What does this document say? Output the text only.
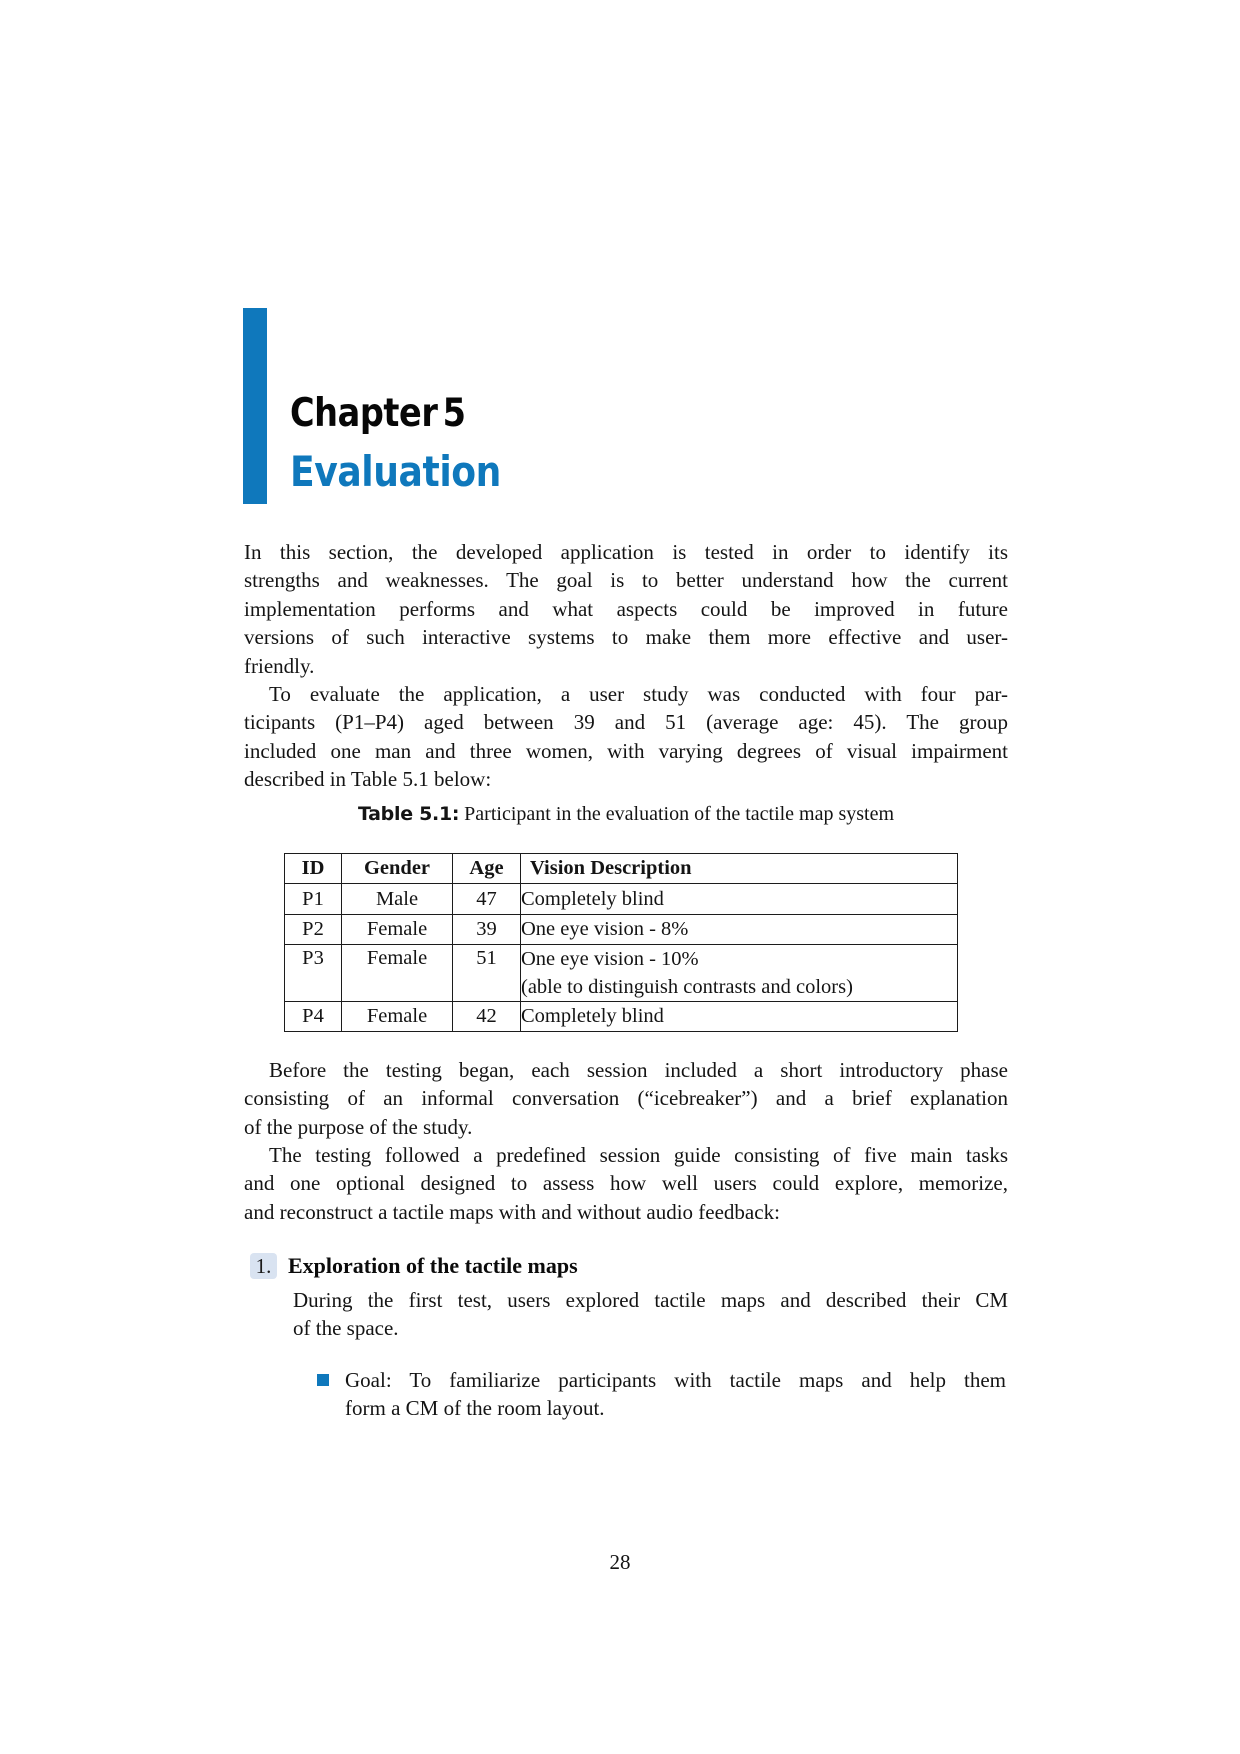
Chapter 5
Evaluation
In this section, the developed application is tested in order to identify its
strengths and weaknesses. The goal is to better understand how the current
implementation performs and what aspects could be improved in future
versions of such interactive systems to make them more effective and user-
friendly.
To evaluate the application, a user study was conducted with four par-
ticipants (P1–P4) aged between 39 and 51 (average age: 45). The group
included one man and three women, with varying degrees of visual impairment
described in Table 5.1 below:
Table 5.1: Participant in the evaluation of the tactile map system
ID	Gender	Age	Vision Description
P1	Male	47	Completely blind
P2	Female	39	One eye vision - 8%
P3	Female	51	One eye vision - 10%
(able to distinguish contrasts and colors)

P4	Female	42	Completely blind
Before the testing began, each session included a short introductory phase
consisting of an informal conversation (“icebreaker”) and a brief explanation
of the purpose of the study.
The testing followed a predefined session guide consisting of five main tasks
and one optional designed to assess how well users could explore, memorize,
and reconstruct a tactile maps with and without audio feedback:
1. Exploration of the tactile maps
During the first test, users explored tactile maps and described their CM
of the space.
Goal: To familiarize participants with tactile maps and help them
form a CM of the room layout.
28
